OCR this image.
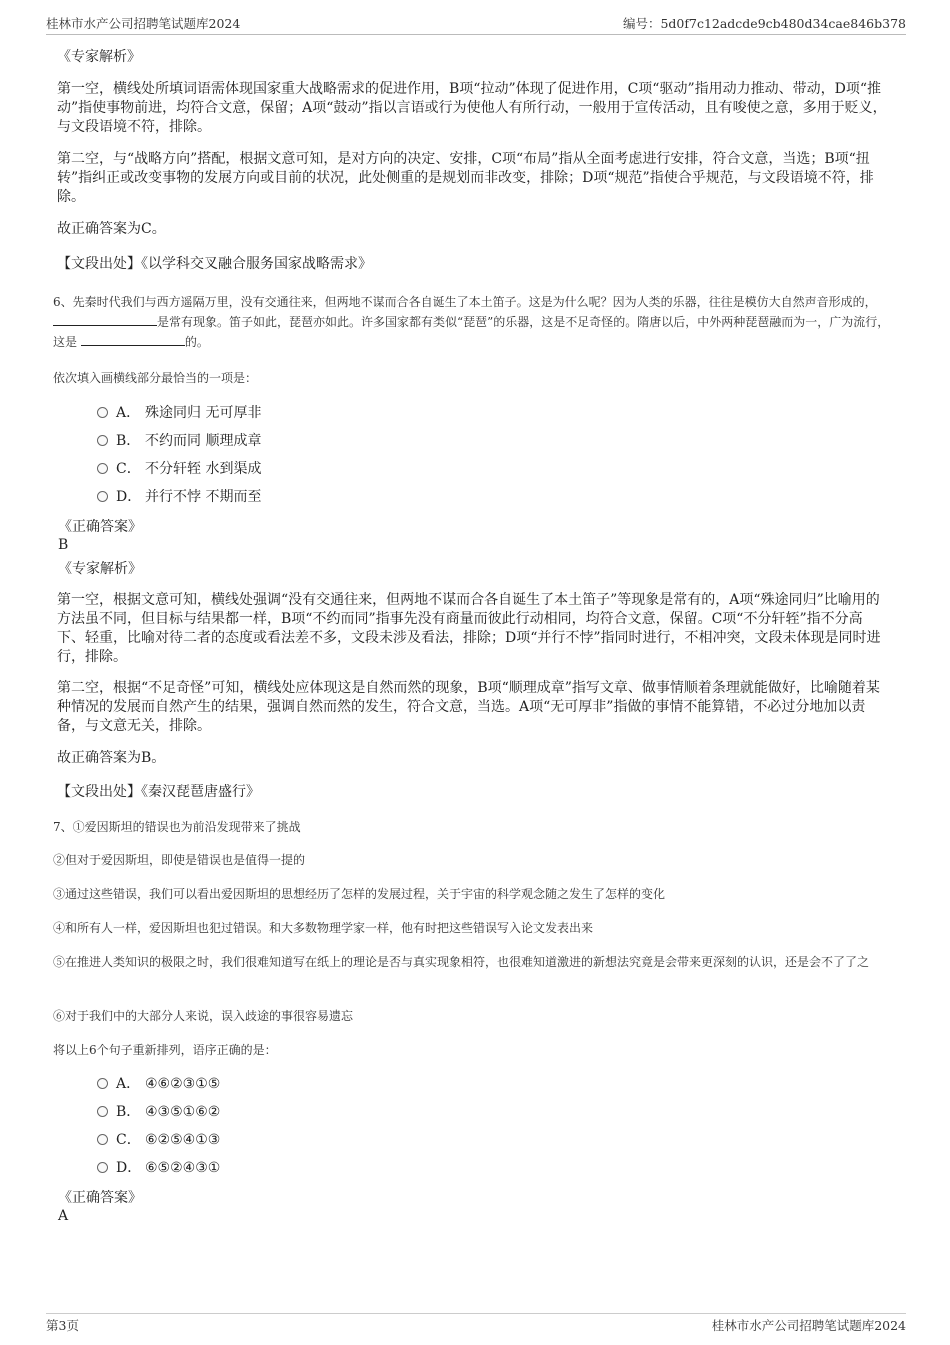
桂林市水产公司招聘笔试题库2024	编号：5d0f7c12adcde9cb480d34cae846b378
《专家解析》

第一空，横线处所填词语需体现国家重大战略需求的促进作用，B项“拉动”体现了促进作用，C项“驱动”指用动力推动、带动，D项“推动”指使事物前进，均符合文意，保留；A项“鼓动”指以言语或行为使他人有所行动，一般用于宣传活动，且有唆使之意，多用于贬义，与文段语境不符，排除。

第二空，与“战略方向”搭配，根据文意可知，是对方向的决定、安排，C项“布局”指从全面考虑进行安排，符合文意，当选；B项“扭转”指纠正或改变事物的发展方向或目前的状况，此处侧重的是规划而非改变，排除；D项“规范”指使合乎规范，与文段语境不符，排除。

故正确答案为C。
【文段出处】《以学科交叉融合服务国家战略需求》

6、先秦时代我们与西方遥隔万里，没有交通往来，但两地不谋而合各自诞生了本土笛子。这是为什么呢？因为人类的乐器，往往是模仿大自然声音形成的，是常有现象。笛子如此，琵琶亦如此。许多国家都有类似“琵琶”的乐器，这是不足奇怪的。隋唐以后，中外两种琵琶融而为一，广为流行，这是	的。

依次填入画横线部分最恰当的一项是：
A． 殊途同归 无可厚非
B． 不约而同 顺理成章
C． 不分轩轾 水到渠成
D． 并行不悖 不期而至
《正确答案》
B
《专家解析》

第一空，根据文意可知，横线处强调“没有交通往来，但两地不谋而合各自诞生了本土笛子”等现象是常有的，A项“殊途同归”比喻用的方法虽不同，但目标与结果都一样，B项“不约而同”指事先没有商量而彼此行动相同，均符合文意，保留。C项“不分轩轾”指不分高下、轻重，比喻对待二者的态度或看法差不多，文段未涉及看法，排除；D项“并行不悖”指同时进行，不相冲突，文段未体现是同时进行，排除。

第二空，根据“不足奇怪”可知，横线处应体现这是自然而然的现象，B项“顺理成章”指写文章、做事情顺着条理就能做好，比喻随着某种情况的发展而自然产生的结果，强调自然而然的发生，符合文意，当选。A项“无可厚非”指做的事情不能算错，不必过分地加以责备，与文意无关，排除。

故正确答案为B。
【文段出处】《秦汉琵琶唐盛行》
7、①爱因斯坦的错误也为前沿发现带来了挑战
②但对于爱因斯坦，即使是错误也是值得一提的
③通过这些错误，我们可以看出爱因斯坦的思想经历了怎样的发展过程，关于宇宙的科学观念随之发生了怎样的变化
④和所有人一样，爱因斯坦也犯过错误。和大多数物理学家一样，他有时把这些错误写入论文发表出来
⑤在推进人类知识的极限之时，我们很难知道写在纸上的理论是否与真实现象相符，也很难知道激进的新想法究竟是会带来更深刻的认识，还是会不了了之
⑥对于我们中的大部分人来说，误入歧途的事很容易遗忘
将以上6个句子重新排列，语序正确的是：
A． ④⑥②③①⑤
B． ④③⑤①⑥②
C． ⑥②⑤④①③
D． ⑥⑤②④③①
《正确答案》
A
第3页	桂林市水产公司招聘笔试题库2024
